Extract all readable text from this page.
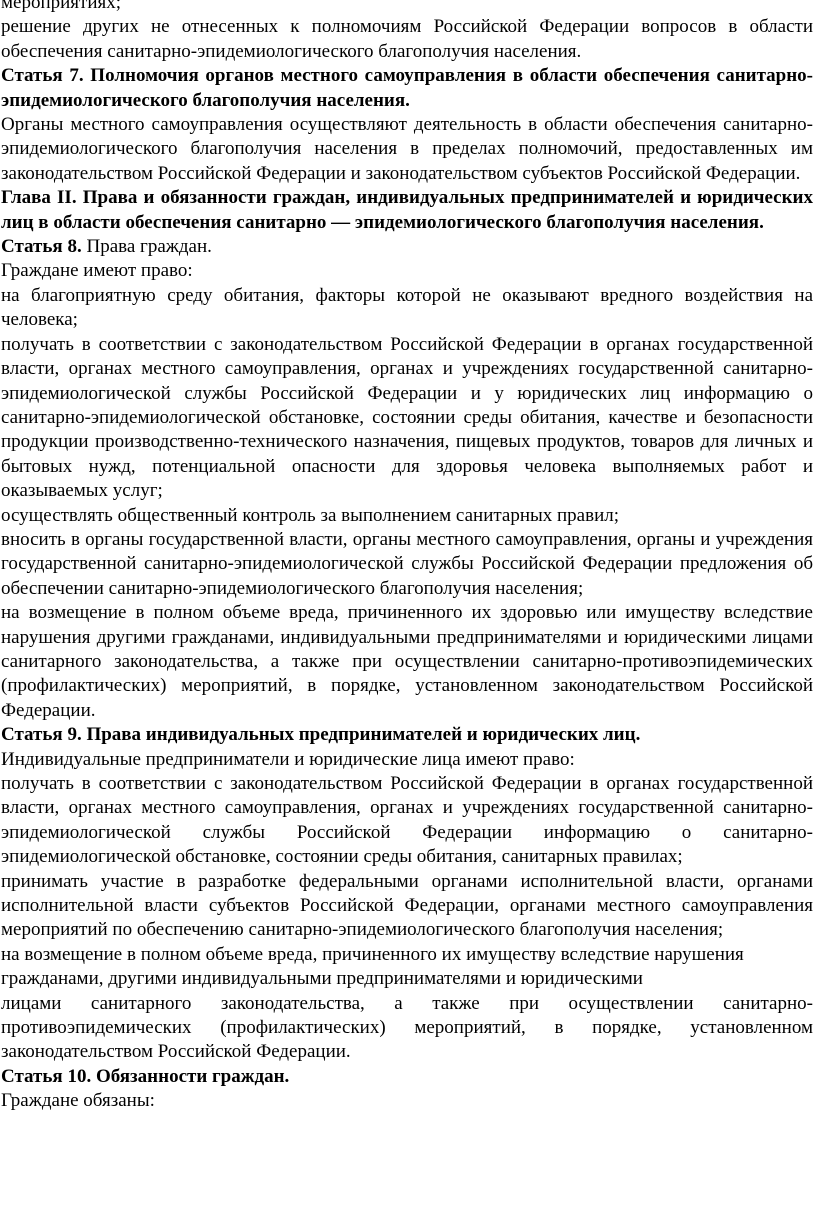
мероприятиях;

решение других не отнесенных к полномочиям Российской Федерации вопросов в области обеспечения санитарно-эпидемиологического благополучия населения.

Статья 7. Полномочия органов местного самоуправления в области обеспечения санитарно-эпидемиологического благополучия населения.

Органы местного самоуправления осуществляют деятельность в области обеспечения санитарно-эпидемиологического благополучия населения в пределах полномочий, предоставленных им законодательством Российской Федерации и законодательством субъектов Российской Федерации.

Глава II. Права и обязанности граждан, индивидуальных предпринимателей и юридических лиц в области обеспечения санитарно — эпидемиологического благополучия населения.

Статья 8. Права граждан.

Граждане имеют право:

на благоприятную среду обитания, факторы которой не оказывают вредного воздействия на человека;

получать в соответствии с законодательством Российской Федерации в органах государственной власти, органах местного самоуправления, органах и учреждениях государственной санитарно-эпидемиологической службы Российской Федерации и у юридических лиц информацию о санитарно-эпидемиологической обстановке, состоянии среды обитания, качестве и безопасности продукции производственно-технического назначения, пищевых продуктов, товаров для личных и бытовых нужд, потенциальной опасности для здоровья человека выполняемых работ и оказываемых услуг;

осуществлять общественный контроль за выполнением санитарных правил;

вносить в органы государственной власти, органы местного самоуправления, органы и учреждения государственной санитарно-эпидемиологической службы Российской Федерации предложения об обеспечении санитарно-эпидемиологического благополучия населения;

на возмещение в полном объеме вреда, причиненного их здоровью или имуществу вследствие нарушения другими гражданами, индивидуальными предпринимателями и юридическими лицами санитарного законодательства, а также при осуществлении санитарно-противоэпидемических (профилактических) мероприятий, в порядке, установленном законодательством Российской Федерации.

Статья 9. Права индивидуальных предпринимателей и юридических лиц.

Индивидуальные предприниматели и юридические лица имеют право:

получать в соответствии с законодательством Российской Федерации в органах государственной власти, органах местного самоуправления, органах и учреждениях государственной санитарно-эпидемиологической службы Российской Федерации информацию о санитарно-эпидемиологической обстановке, состоянии среды обитания, санитарных правилах;

принимать участие в разработке федеральными органами исполнительной власти, органами исполнительной власти субъектов Российской Федерации, органами местного самоуправления мероприятий по обеспечению санитарно-эпидемиологического благополучия населения;

на возмещение в полном объеме вреда, причиненного их имуществу вследствие нарушения гражданами, другими индивидуальными предпринимателями и юридическими

лицами санитарного законодательства, а также при осуществлении санитарно-противоэпидемических (профилактических) мероприятий, в порядке, установленном законодательством Российской Федерации.

Статья 10. Обязанности граждан.

Граждане обязаны:
